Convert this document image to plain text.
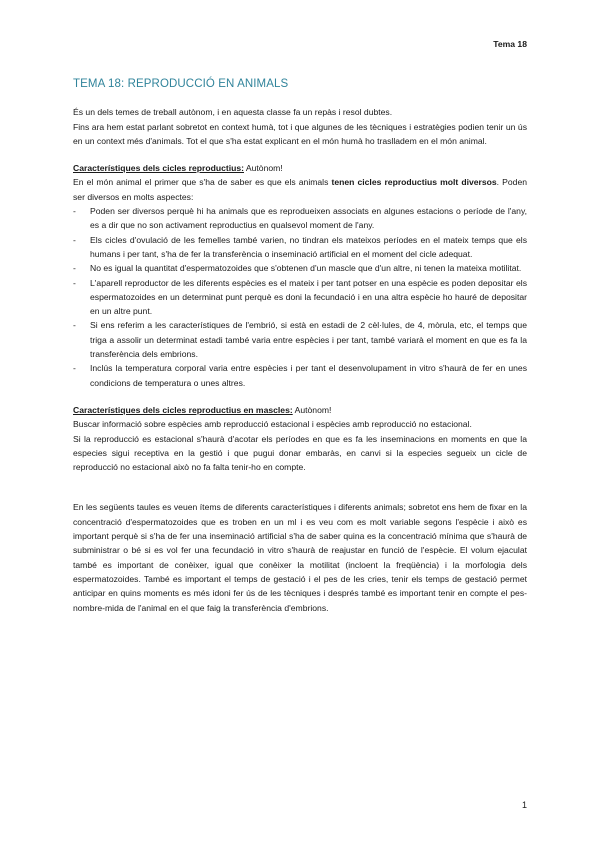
Tema 18
TEMA 18: REPRODUCCIÓ EN ANIMALS

És un dels temes de treball autònom, i en aquesta classe fa un repàs i resol dubtes.

Fins ara hem estat parlant sobretot en context humà, tot i que algunes de les tècniques i estratègies podien tenir un ús en un context més d'animals. Tot el que s'ha estat explicant en el món humà ho traslladem en el món animal.

Característiques dels cicles reproductius: Autònom!

En el món animal el primer que s'ha de saber es que els animals tenen cicles reproductius molt diversos. Poden ser diversos en molts aspectes:

- Poden ser diversos perquè hi ha animals que es reprodueixen associats en algunes estacions o període de l'any, es a dir que no son activament reproductius en qualsevol moment de l'any.
- Els cicles d'ovulació de les femelles també varien, no tindran els mateixos períodes en el mateix temps que els humans i per tant, s'ha de fer la transferència o inseminació artificial en el moment del cicle adequat.
- No es igual la quantitat d'espermatozoides que s'obtenen d'un mascle que d'un altre, ni tenen la mateixa motilitat.
- L'aparell reproductor de les diferents espècies es el mateix i per tant potser en una espècie es poden depositar els espermatozoides en un determinat punt perquè es doni la fecundació i en una altra espècie ho hauré de depositar en un altre punt.
- Si ens referim a les característiques de l'embrió, si està en estadi de 2 cèl·lules, de 4, mòrula, etc, el temps que triga a assolir un determinat estadi també varia entre espècies i per tant, també variarà el moment en que es fa la transferència dels embrions.
- Inclús la temperatura corporal varia entre espècies i per tant el desenvolupament in vitro s'haurà de fer en unes condicions de temperatura o unes altres.

Característiques dels cicles reproductius en mascles: Autònom!

Buscar informació sobre espècies amb reproducció estacional i espècies amb reproducció no estacional.

Si la reproducció es estacional s'haurà d'acotar els períodes en que es fa les inseminacions en moments en que la especies sigui receptiva en la gestió i que pugui donar embaràs, en canvi si la especies segueix un cicle de reproducció no estacional això no fa falta tenir-ho en compte.

En les següents taules es veuen ítems de diferents característiques i diferents animals; sobretot ens hem de fixar en la concentració d'espermatozoides que es troben en un ml i es veu com es molt variable segons l'espècie i això es important perquè si s'ha de fer una inseminació artificial s'ha de saber quina es la concentració mínima que s'haurà de subministrar o bé si es vol fer una fecundació in vitro s'haurà de reajustar en funció de l'espècie. El volum ejaculat també es important de conèixer, igual que conèixer la motilitat (incloent la freqüència) i la morfologia dels espermatozoides. També es important el temps de gestació i el pes de les cries, tenir els temps de gestació permet anticipar en quins moments es més idoni fer ús de les tècniques i després també es important tenir en compte el pes-nombre-mida de l'animal en el que faig la transferència d'embrions.

1
